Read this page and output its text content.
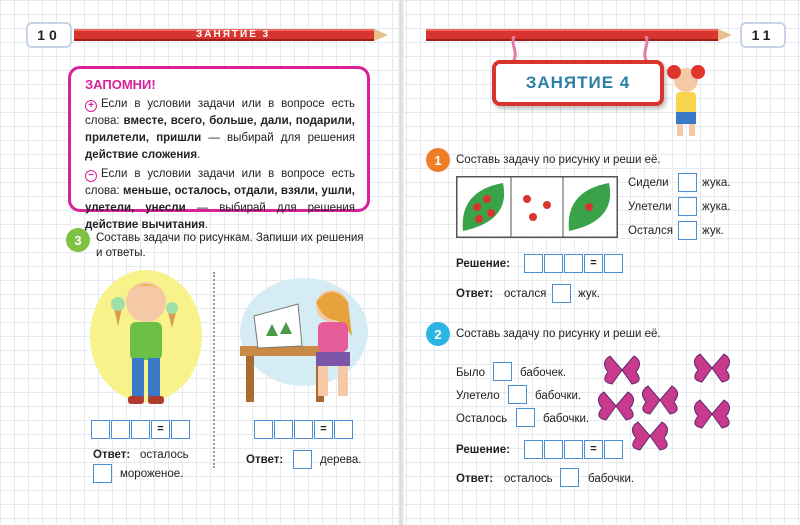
10	ЗАНЯТИЕ 3
ЗАПОМНИ!
+ Если в условии задачи или в вопросе есть слова: вместе, всего, больше, дали, подарили, прилетели, пришли — выбирай для решения действие сложения.
− Если в условии задачи или в вопросе есть слова: меньше, осталось, отдали, взяли, ушли, улетели, унесли — выбирай для решения действие вычитания.
3	Составь задачи по рисункам. Запиши их решения и ответы.
=
Ответ: осталось
мороженое.
=
Ответ:	дерева.
11
ЗАНЯТИЕ 4
1	Составь задачу по рисунку и реши её.
Сидели	жука.
Улетели	жука.
Остался	жук.
Решение:	=
Ответ: остался	жук.
2	Составь задачу по рисунку и реши её.
Было	бабочек.
Улетело	бабочки.
Осталось	бабочки.
Решение:	=
Ответ: осталось	бабочки.
